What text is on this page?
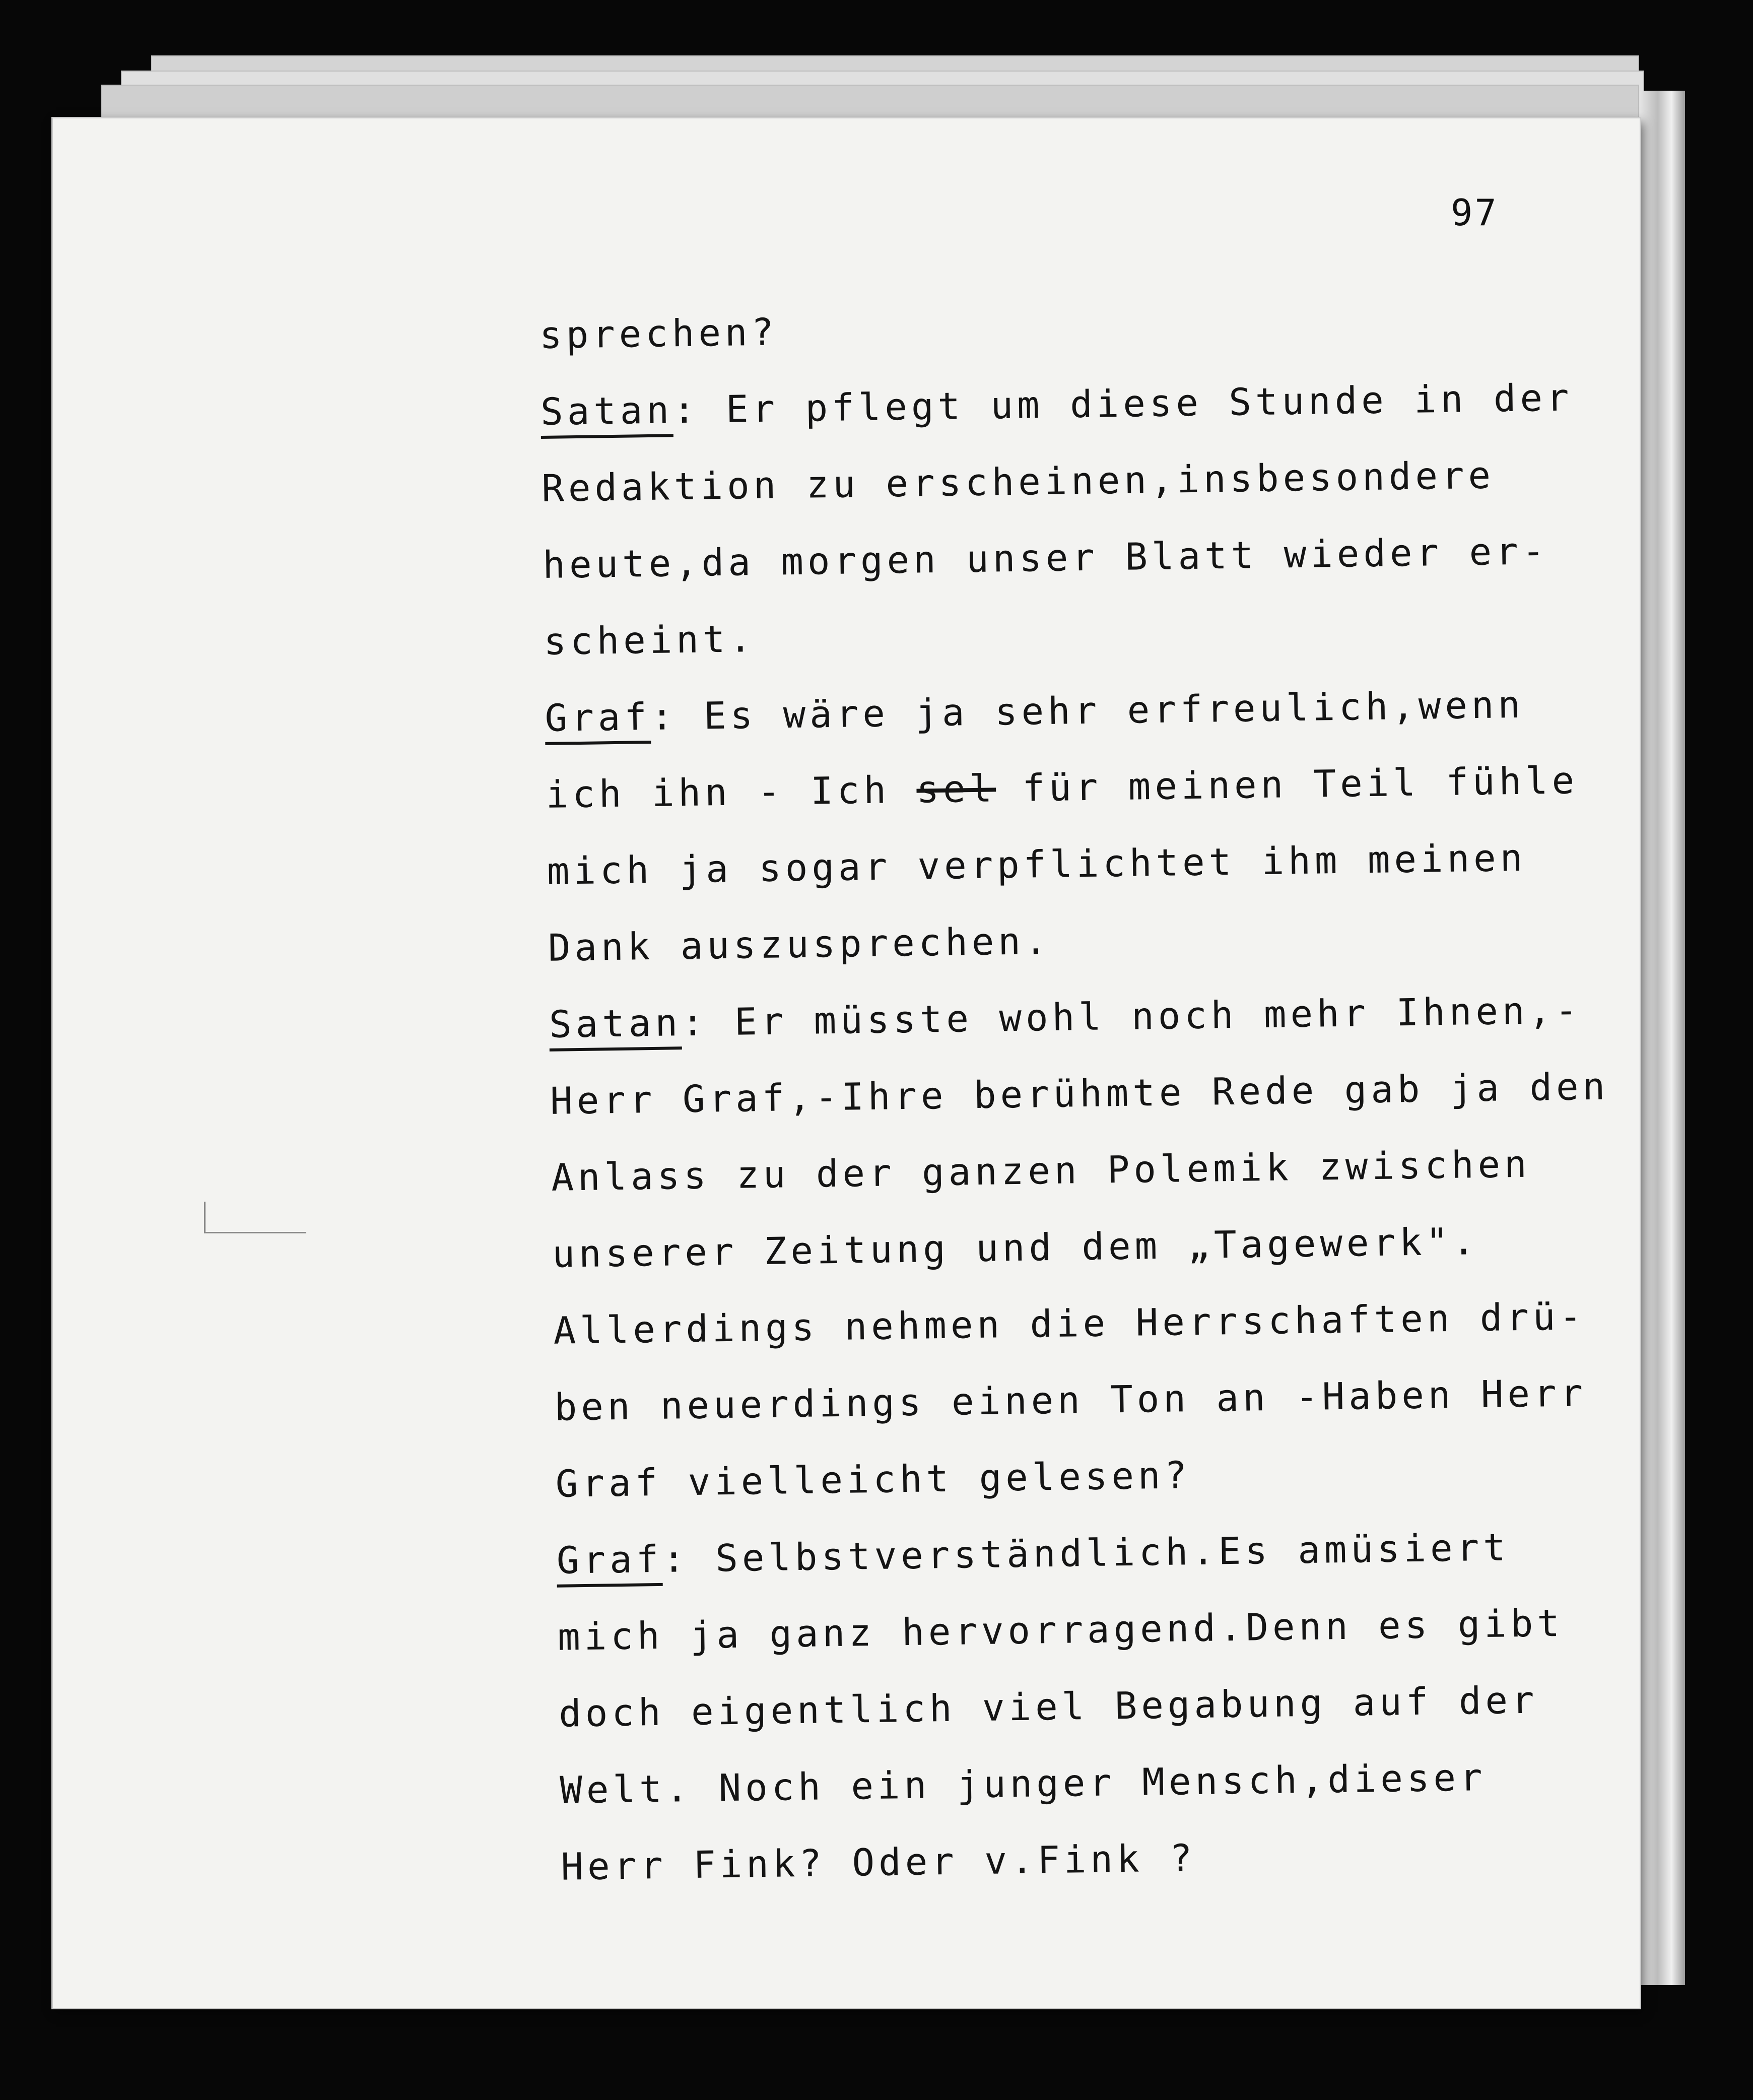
97
sprechen?
Satan: Er pflegt um diese Stunde in der
Redaktion zu erscheinen,insbesondere
heute,da morgen unser Blatt wieder er-
scheint.
Graf: Es wäre ja sehr erfreulich,wenn
ich ihn - Ich sel für meinen Teil fühle
mich ja sogar verpflichtet ihm meinen
Dank auszusprechen.
Satan: Er müsste wohl noch mehr Ihnen,-
Herr Graf,-Ihre berühmte Rede gab ja den
Anlass zu der ganzen Polemik zwischen
unserer Zeitung und dem „Tagewerk".
Allerdings nehmen die Herrschaften drü-
ben neuerdings einen Ton an -Haben Herr
Graf vielleicht gelesen?
Graf: Selbstverständlich.Es amüsiert
mich ja ganz hervorragend.Denn es gibt
doch eigentlich viel Begabung auf der
Welt. Noch ein junger Mensch,dieser
Herr Fink? Oder v.Fink ?
